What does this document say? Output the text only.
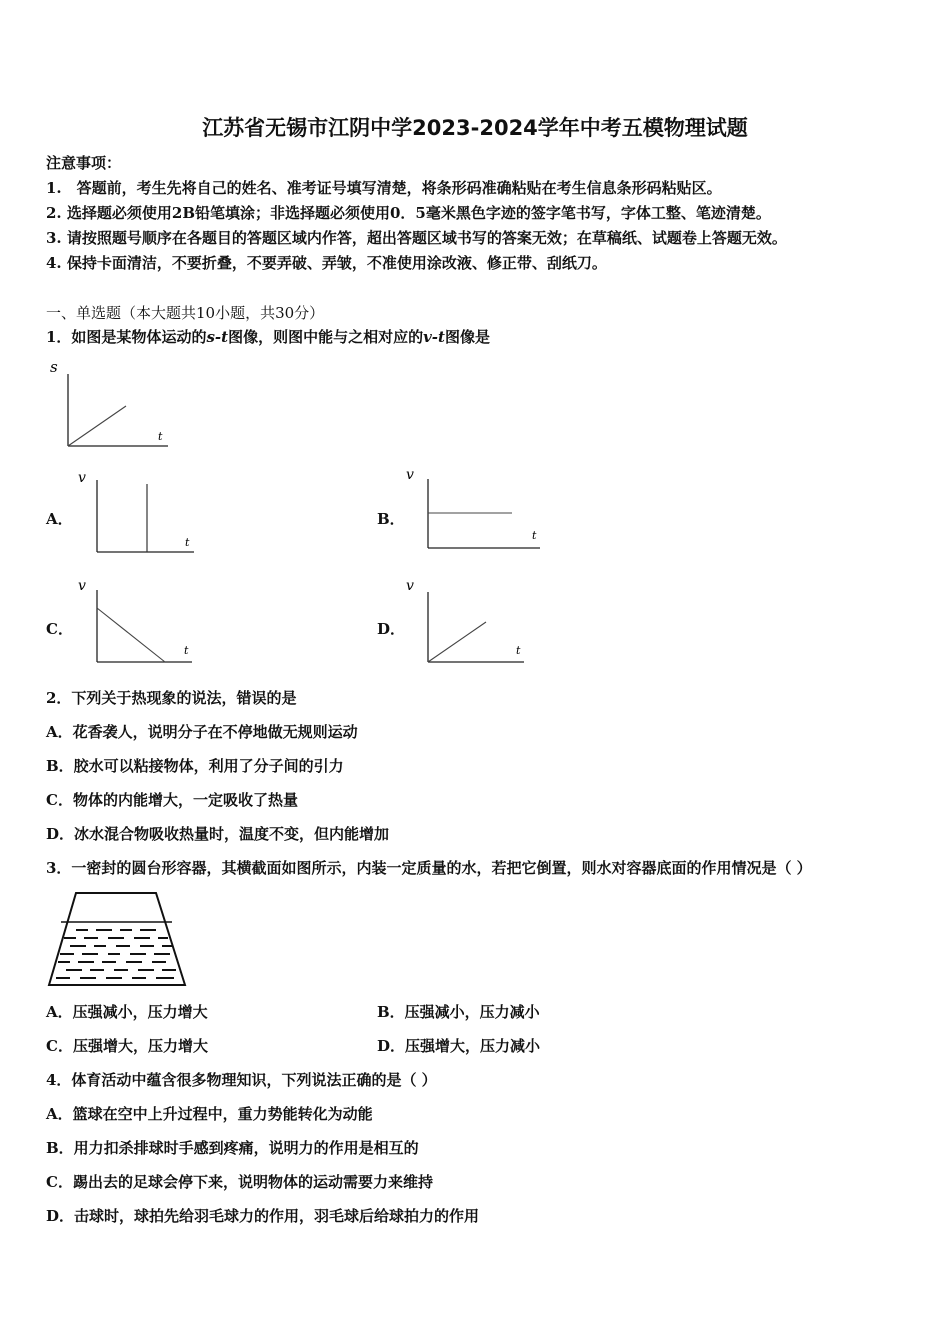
江苏省无锡市江阴中学2023-2024学年中考五模物理试题
注意事项：
1.　答题前，考生先将自己的姓名、准考证号填写清楚，将条形码准确粘贴在考生信息条形码粘贴区。
2. 选择题必须使用2B铅笔填涂；非选择题必须使用0．5毫米黑色字迹的签字笔书写，字体工整、笔迹清楚。
3. 请按照题号顺序在各题目的答题区域内作答，超出答题区域书写的答案无效；在草稿纸、试题卷上答题无效。
4. 保持卡面清洁，不要折叠，不要弄破、弄皱，不准使用涂改液、修正带、刮纸刀。
一、单选题（本大题共10小题，共30分）
1．如图是某物体运动的s-t图像，则图中能与之相对应的v-t图像是
s
t
A．
v
t
B．
v
t
C．
v
t
D．
v
t
2．下列关于热现象的说法，错误的是
A．花香袭人，说明分子在不停地做无规则运动
B．胶水可以粘接物体，利用了分子间的引力
C．物体的内能增大，一定吸收了热量
D．冰水混合物吸收热量时，温度不变，但内能增加
3．一密封的圆台形容器，其横截面如图所示，内装一定质量的水，若把它倒置，则水对容器底面的作用情况是（ ）
A．压强减小，压力增大	B．压强减小，压力减小
C．压强增大，压力增大	D．压强增大，压力减小
4．体育活动中蕴含很多物理知识，下列说法正确的是（ ）
A．篮球在空中上升过程中，重力势能转化为动能
B．用力扣杀排球时手感到疼痛，说明力的作用是相互的
C．踢出去的足球会停下来，说明物体的运动需要力来维持
D．击球时，球拍先给羽毛球力的作用，羽毛球后给球拍力的作用
